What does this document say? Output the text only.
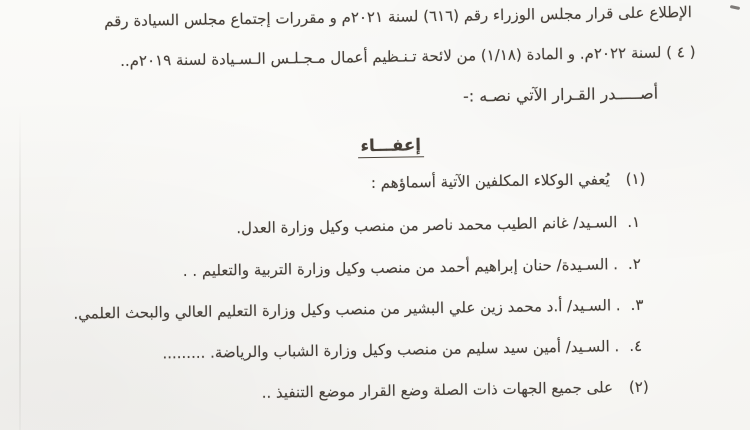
الإطلاع على قرار مجلس الوزراء رقم (٦١٦) لسنة ٢٠٢١م و مقررات إجتماع مجلس السيادة رقم

( ٤ ) لسنة ٢٠٢٢م. و المادة (١/١٨) من لائحة تـنـظيم أعمال مـجـلـس الـسـيادة لسنة ٢٠١٩م..

أصـــــدر القـرار الآتي نصـه :-

إعفـــاء
(١)
يُعفي الوكلاء المكلفين الآتية أسماؤهم :
١.
السـيد/ غانم الطيب محمد ناصر من منصب وكيل وزارة العدل.
٢.
. السـيدة/ حنان إبراهيم أحمد من منصب وكيل وزارة التربية والتعليم . .
٣.
. السـيد/ أ.د محمد زين علي البشير من منصب وكيل وزارة التعليم العالي والبحث العلمي.
٤.
. السـيد/ أمين سيد سليم من منصب وكيل وزارة الشباب والرياضة. .........
(٢)
على جميع الجهات ذات الصلة وضع القرار موضع التنفيذ ..
